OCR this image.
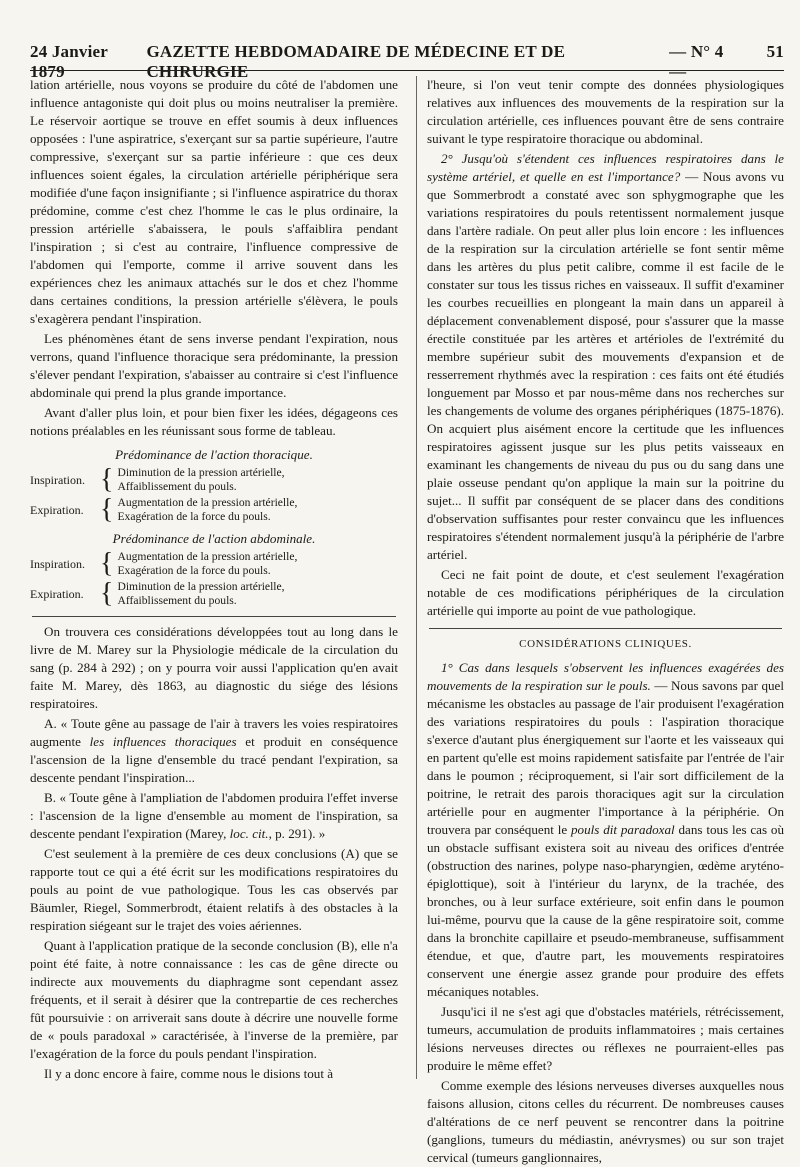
24 Janvier 1879
GAZETTE HEBDOMADAIRE DE MÉDECINE ET DE CHIRURGIE
— N° 4 —
51

lation artérielle, nous voyons se produire du côté de l'abdomen une influence antagoniste qui doit plus ou moins neutraliser la première. Le réservoir aortique se trouve en effet soumis à deux influences opposées : l'une aspiratrice, s'exerçant sur sa partie supérieure, l'autre compressive, s'exerçant sur sa partie inférieure : que ces deux influences soient égales, la circulation artérielle périphérique sera modifiée d'une façon insignifiante ; si l'influence aspiratrice du thorax prédomine, comme c'est chez l'homme le cas le plus ordinaire, la pression artérielle s'abaissera, le pouls s'affaiblira pendant l'inspiration ; si c'est au contraire, l'influence compressive de l'abdomen qui l'emporte, comme il arrive souvent dans les expériences chez les animaux attachés sur le dos et chez l'homme dans certaines conditions, la pression artérielle s'élèvera, le pouls s'exagèrera pendant l'inspiration.

Les phénomènes étant de sens inverse pendant l'expiration, nous verrons, quand l'influence thoracique sera prédominante, la pression s'élever pendant l'expiration, s'abaisser au contraire si c'est l'influence abdominale qui prend la plus grande importance.

Avant d'aller plus loin, et pour bien fixer les idées, dégageons ces notions préalables en les réunissant sous forme de tableau.

Prédominance de l'action thoracique.
Inspiration. { Diminution de la pression artérielle,
Affaiblissement du pouls.
Expiration. { Augmentation de la pression artérielle,
Exagération de la force du pouls.
Prédominance de l'action abdominale.
Inspiration. { Augmentation de la pression artérielle,
Exagération de la force du pouls.
Expiration. { Diminution de la pression artérielle,
Affaiblissement du pouls.

On trouvera ces considérations développées tout au long dans le livre de M. Marey sur la Physiologie médicale de la circulation du sang (p. 284 à 292) ; on y pourra voir aussi l'application qu'en avait faite M. Marey, dès 1863, au diagnostic du siége des lésions respiratoires.

A. « Toute gêne au passage de l'air à travers les voies respiratoires augmente les influences thoraciques et produit en conséquence l'ascension de la ligne d'ensemble du tracé pendant l'expiration, sa descente pendant l'inspiration...

B. « Toute gêne à l'ampliation de l'abdomen produira l'effet inverse : l'ascension de la ligne d'ensemble au moment de l'inspiration, sa descente pendant l'expiration (Marey, loc. cit., p. 291). »

C'est seulement à la première de ces deux conclusions (A) que se rapporte tout ce qui a été écrit sur les modifications respiratoires du pouls au point de vue pathologique. Tous les cas observés par Bäumler, Riegel, Sommerbrodt, étaient relatifs à des obstacles à la respiration siégeant sur le trajet des voies aériennes.

Quant à l'application pratique de la seconde conclusion (B), elle n'a point été faite, à notre connaissance : les cas de gêne directe ou indirecte aux mouvements du diaphragme sont cependant assez fréquents, et il serait à désirer que la contrepartie de ces recherches fût poursuivie : on arriverait sans doute à décrire une nouvelle forme de « pouls paradoxal » caractérisée, à l'inverse de la première, par l'exagération de la force du pouls pendant l'inspiration.

Il y a donc encore à faire, comme nous le disions tout à

l'heure, si l'on veut tenir compte des données physiologiques relatives aux influences des mouvements de la respiration sur la circulation artérielle, ces influences pouvant être de sens contraire suivant le type respiratoire thoracique ou abdominal.

2° Jusqu'où s'étendent ces influences respiratoires dans le système artériel, et quelle en est l'importance? — Nous avons vu que Sommerbrodt a constaté avec son sphygmographe que les variations respiratoires du pouls retentissent normalement jusque dans l'artère radiale. On peut aller plus loin encore : les influences de la respiration sur la circulation artérielle se font sentir même dans les artères du plus petit calibre, comme il est facile de le constater sur tous les tissus riches en vaisseaux. Il suffit d'examiner les courbes recueillies en plongeant la main dans un appareil à déplacement convenablement disposé, pour s'assurer que la masse érectile constituée par les artères et artérioles de l'extrémité du membre supérieur subit des mouvements d'expansion et de resserrement rhythmés avec la respiration : ces faits ont été étudiés longuement par Mosso et par nous-même dans nos recherches sur les changements de volume des organes périphériques (1875-1876). On acquiert plus aisément encore la certitude que les influences respiratoires agissent jusque sur les plus petits vaisseaux en examinant les changements de niveau du pus ou du sang dans une plaie osseuse pendant qu'on applique la main sur la poitrine du sujet... Il suffit par conséquent de se placer dans des conditions d'observation suffisantes pour rester convaincu que les influences respiratoires s'étendent normalement jusqu'à la périphérie de l'arbre artériel.

Ceci ne fait point de doute, et c'est seulement l'exagération notable de ces modifications périphériques de la circulation artérielle qui importe au point de vue pathologique.

CONSIDÉRATIONS CLINIQUES.

1° Cas dans lesquels s'observent les influences exagérées des mouvements de la respiration sur le pouls. — Nous savons par quel mécanisme les obstacles au passage de l'air produisent l'exagération des variations respiratoires du pouls : l'aspiration thoracique s'exerce d'autant plus énergiquement sur l'aorte et les vaisseaux qui en partent qu'elle est moins rapidement satisfaite par l'entrée de l'air dans le poumon ; réciproquement, si l'air sort difficilement de la poitrine, le retrait des parois thoraciques agit sur la circulation artérielle pour en augmenter l'importance à la périphérie. On trouvera par conséquent le pouls dit paradoxal dans tous les cas où un obstacle suffisant existera soit au niveau des orifices d'entrée (obstruction des narines, polype naso-pharyngien, œdème aryténo-épiglottique), soit à l'intérieur du larynx, de la trachée, des bronches, ou à leur surface extérieure, soit enfin dans le poumon lui-même, pourvu que la cause de la gêne respiratoire soit, comme dans la bronchite capillaire et pseudo-membraneuse, suffisamment étendue, et que, d'autre part, les mouvements respiratoires conservent une énergie assez grande pour produire des effets mécaniques notables.

Jusqu'ici il ne s'est agi que d'obstacles matériels, rétrécissement, tumeurs, accumulation de produits inflammatoires ; mais certaines lésions nerveuses directes ou réflexes ne pourraient-elles pas produire le même effet?

Comme exemple des lésions nerveuses diverses auxquelles nous faisons allusion, citons celles du récurrent. De nombreuses causes d'altérations de ce nerf peuvent se rencontrer dans la poitrine (ganglions, tumeurs du médiastin, anévrysmes) ou sur son trajet cervical (tumeurs ganglionnaires,
